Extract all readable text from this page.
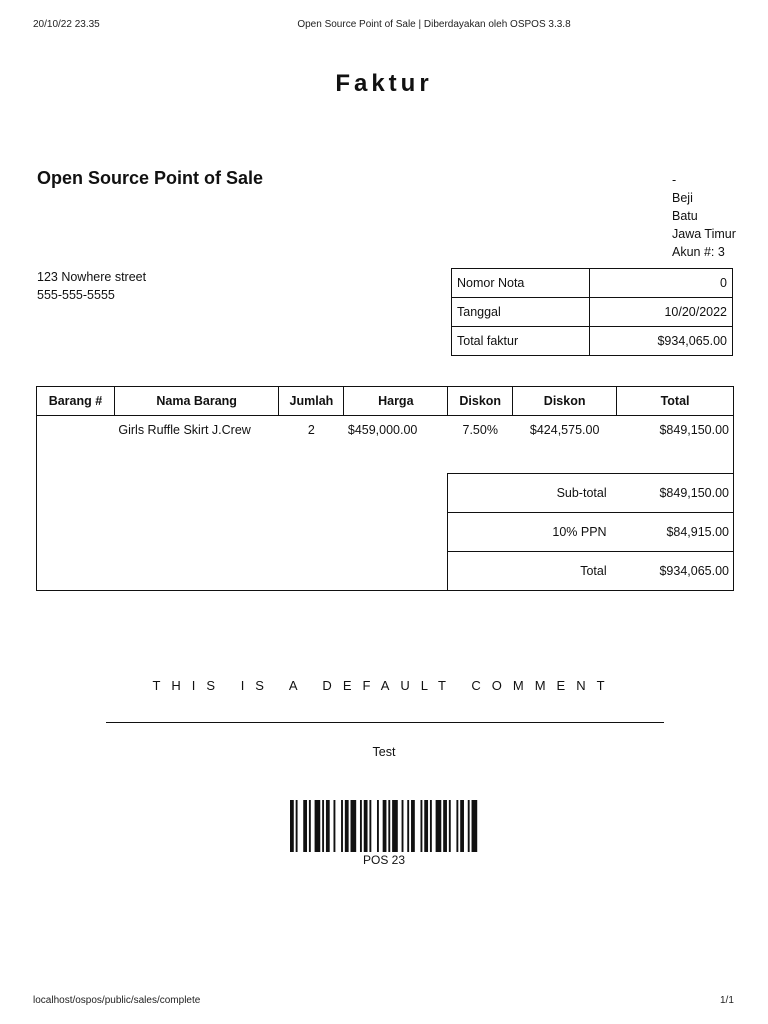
20/10/22 23.35	Open Source Point of Sale | Diberdayakan oleh OSPOS 3.3.8
Faktur
Open Source Point of Sale
123 Nowhere street
555-555-5555
-
Beji
Batu
Jawa Timur
Akun #: 3
Nomor Nota	0
Tanggal	10/20/2022
Total faktur	$934,065.00
Barang #	Nama Barang	Jumlah	Harga	Diskon	Diskon	Total
	Girls Ruffle Skirt J.Crew	2	$459,000.00	7.50%	$424,575.00	$849,150.00

				Sub-total		$849,150.00
				10% PPN		$84,915.00
				Total		$934,065.00
THIS IS A DEFAULT COMMENT
Test
POS 23
localhost/ospos/public/sales/complete	1/1
